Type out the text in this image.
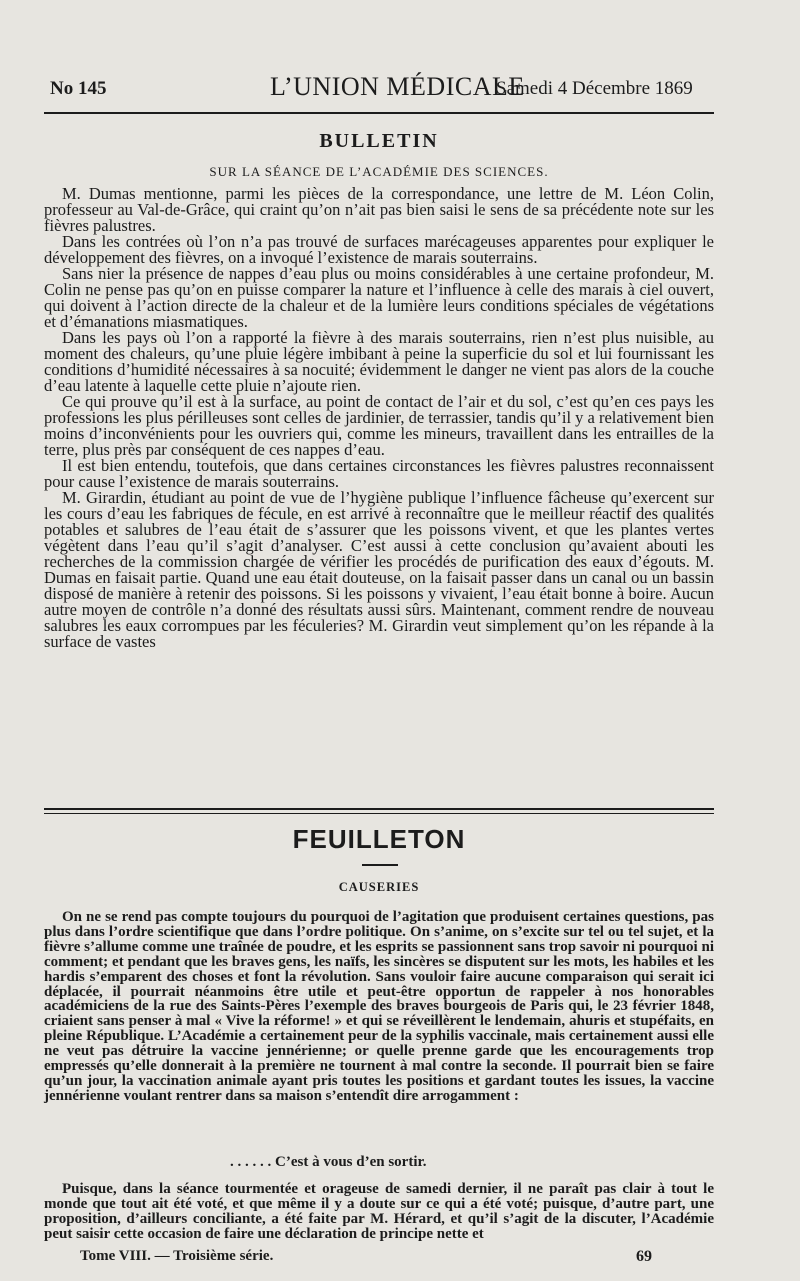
No 145	L’UNION MÉDICALE
Samedi 4 Décembre 1869
BULLETIN
SUR LA SÉANCE DE L’ACADÉMIE DES SCIENCES.

M. Dumas mentionne, parmi les pièces de la correspondance, une lettre de M. Léon Colin, professeur au Val-de-Grâce, qui craint qu’on n’ait pas bien saisi le sens de sa précédente note sur les fièvres palustres.

Dans les contrées où l’on n’a pas trouvé de surfaces marécageuses apparentes pour expliquer le développement des fièvres, on a invoqué l’existence de marais souterrains.

Sans nier la présence de nappes d’eau plus ou moins considérables à une certaine profondeur, M. Colin ne pense pas qu’on en puisse comparer la nature et l’influence à celle des marais à ciel ouvert, qui doivent à l’action directe de la chaleur et de la lumière leurs conditions spéciales de végétations et d’émanations miasmatiques.

Dans les pays où l’on a rapporté la fièvre à des marais souterrains, rien n’est plus nuisible, au moment des chaleurs, qu’une pluie légère imbibant à peine la superficie du sol et lui fournissant les conditions d’humidité nécessaires à sa nocuité; évidemment le danger ne vient pas alors de la couche d’eau latente à laquelle cette pluie n’ajoute rien.

Ce qui prouve qu’il est à la surface, au point de contact de l’air et du sol, c’est qu’en ces pays les professions les plus périlleuses sont celles de jardinier, de terrassier, tandis qu’il y a relativement bien moins d’inconvénients pour les ouvriers qui, comme les mineurs, travaillent dans les entrailles de la terre, plus près par conséquent de ces nappes d’eau.

Il est bien entendu, toutefois, que dans certaines circonstances les fièvres palustres reconnaissent pour cause l’existence de marais souterrains.

M. Girardin, étudiant au point de vue de l’hygiène publique l’influence fâcheuse qu’exercent sur les cours d’eau les fabriques de fécule, en est arrivé à reconnaître que le meilleur réactif des qualités potables et salubres de l’eau était de s’assurer que les poissons vivent, et que les plantes vertes végètent dans l’eau qu’il s’agit d’analyser. C’est aussi à cette conclusion qu’avaient abouti les recherches de la commission chargée de vérifier les procédés de purification des eaux d’égouts. M. Dumas en faisait partie. Quand une eau était douteuse, on la faisait passer dans un canal ou un bassin disposé de manière à retenir des poissons. Si les poissons y vivaient, l’eau était bonne à boire. Aucun autre moyen de contrôle n’a donné des résultats aussi sûrs. Maintenant, comment rendre de nouveau salubres les eaux corrompues par les féculeries? M. Girardin veut simplement qu’on les répande à la surface de vastes

FEUILLETON
CAUSERIES

On ne se rend pas compte toujours du pourquoi de l’agitation que produisent certaines questions, pas plus dans l’ordre scientifique que dans l’ordre politique. On s’anime, on s’excite sur tel ou tel sujet, et la fièvre s’allume comme une traînée de poudre, et les esprits se passionnent sans trop savoir ni pourquoi ni comment; et pendant que les braves gens, les naïfs, les sincères se disputent sur les mots, les habiles et les hardis s’emparent des choses et font la révolution. Sans vouloir faire aucune comparaison qui serait ici déplacée, il pourrait néanmoins être utile et peut-être opportun de rappeler à nos honorables académiciens de la rue des Saints-Pères l’exemple des braves bourgeois de Paris qui, le 23 février 1848, criaient sans penser à mal « Vive la réforme! » et qui se réveillèrent le lendemain, ahuris et stupéfaits, en pleine République. L’Académie a certainement peur de la syphilis vaccinale, mais certainement aussi elle ne veut pas détruire la vaccine jennérienne; or quelle prenne garde que les encouragements trop empressés qu’elle donnerait à la première ne tournent à mal contre la seconde. Il pourrait bien se faire qu’un jour, la vaccination animale ayant pris toutes les positions et gardant toutes les issues, la vaccine jennérienne voulant rentrer dans sa maison s’entendît dire arrogamment :

. . . . . . C’est à vous d’en sortir.

Puisque, dans la séance tourmentée et orageuse de samedi dernier, il ne paraît pas clair à tout le monde que tout ait été voté, et que même il y a doute sur ce qui a été voté; puisque, d’autre part, une proposition, d’ailleurs conciliante, a été faite par M. Hérard, et qu’il s’agit de la discuter, l’Académie peut saisir cette occasion de faire une déclaration de principe nette et

Tome VIII. — Troisième série.	69
